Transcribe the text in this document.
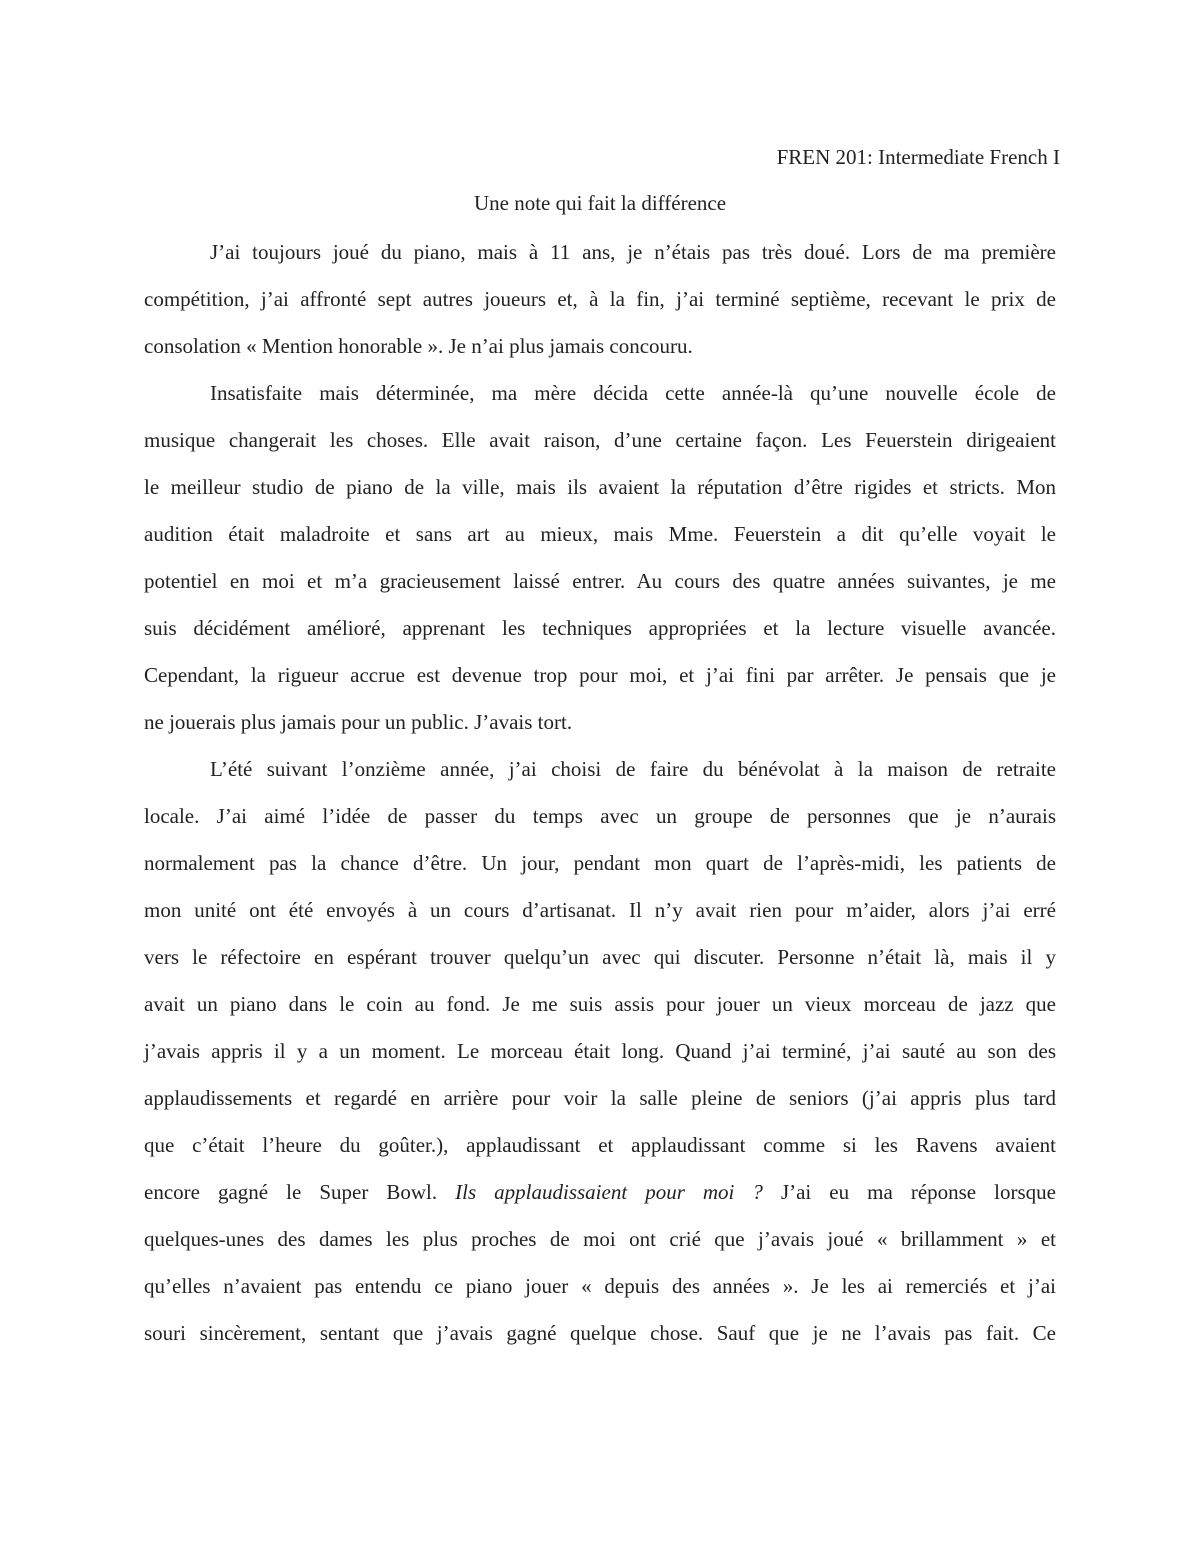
FREN 201: Intermediate French I
Une note qui fait la différence
J’ai toujours joué du piano, mais à 11 ans, je n’étais pas très doué. Lors de ma première
compétition, j’ai affronté sept autres joueurs et, à la fin, j’ai terminé septième, recevant le prix de
consolation « Mention honorable ». Je n’ai plus jamais concouru.
Insatisfaite mais déterminée, ma mère décida cette année-là qu’une nouvelle école de
musique changerait les choses. Elle avait raison, d’une certaine façon. Les Feuerstein dirigeaient
le meilleur studio de piano de la ville, mais ils avaient la réputation d’être rigides et stricts. Mon
audition était maladroite et sans art au mieux, mais Mme. Feuerstein a dit qu’elle voyait le
potentiel en moi et m’a gracieusement laissé entrer. Au cours des quatre années suivantes, je me
suis décidément amélioré, apprenant les techniques appropriées et la lecture visuelle avancée.
Cependant, la rigueur accrue est devenue trop pour moi, et j’ai fini par arrêter. Je pensais que je
ne jouerais plus jamais pour un public. J’avais tort.
L’été suivant l’onzième année, j’ai choisi de faire du bénévolat à la maison de retraite
locale. J’ai aimé l’idée de passer du temps avec un groupe de personnes que je n’aurais
normalement pas la chance d’être. Un jour, pendant mon quart de l’après-midi, les patients de
mon unité ont été envoyés à un cours d’artisanat. Il n’y avait rien pour m’aider, alors j’ai erré
vers le réfectoire en espérant trouver quelqu’un avec qui discuter. Personne n’était là, mais il y
avait un piano dans le coin au fond. Je me suis assis pour jouer un vieux morceau de jazz que
j’avais appris il y a un moment. Le morceau était long. Quand j’ai terminé, j’ai sauté au son des
applaudissements et regardé en arrière pour voir la salle pleine de seniors (j’ai appris plus tard
que c’était l’heure du goûter.), applaudissant et applaudissant comme si les Ravens avaient
encore gagné le Super Bowl. Ils applaudissaient pour moi ? J’ai eu ma réponse lorsque
quelques-unes des dames les plus proches de moi ont crié que j’avais joué « brillamment » et
qu’elles n’avaient pas entendu ce piano jouer « depuis des années ». Je les ai remerciés et j’ai
souri sincèrement, sentant que j’avais gagné quelque chose. Sauf que je ne l’avais pas fait. Ce
